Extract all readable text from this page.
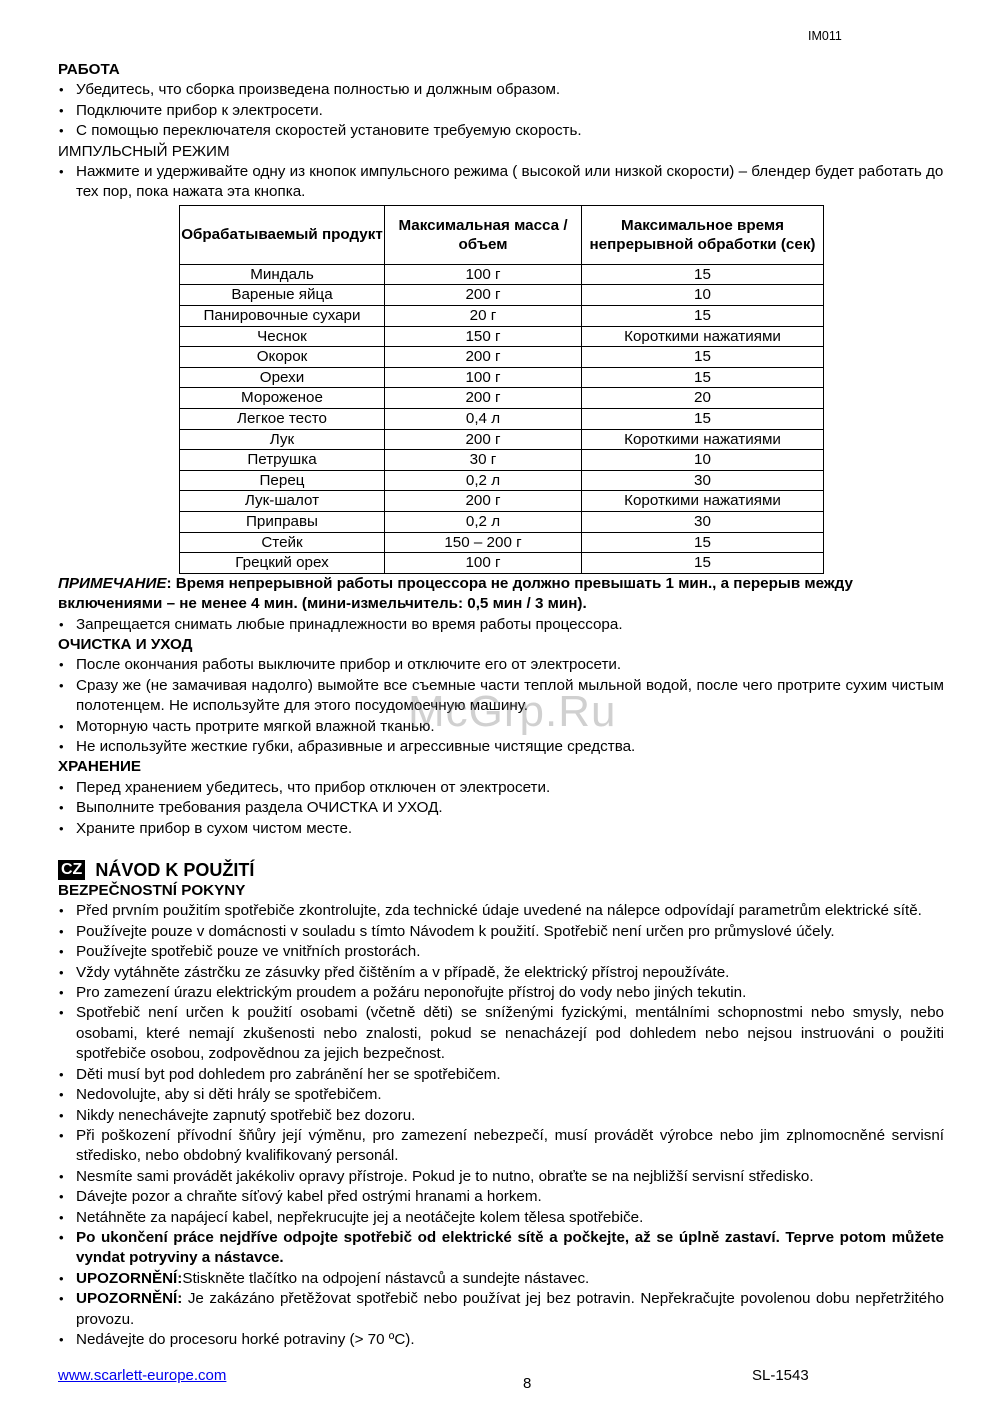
IM011

РАБОТА

• Убедитесь, что сборка произведена полностью и должным образом.
• Подключите прибор к электросети.
• С помощью переключателя скоростей установите требуемую скорость.

ИМПУЛЬСНЫЙ РЕЖИМ

• Нажмите и удерживайте одну из кнопок импульсного режима ( высокой или низкой скорости) – блендер будет работать до тех пор, пока нажата эта кнопка.
Обрабатываемый продукт	Максимальная масса / объем	Максимальное время непрерывной обработки (сек)
Миндаль	100 г	15
Вареные яйца	200 г	10
Панировочные сухари	20 г	15
Чеснок	150 г	Короткими нажатиями
Окорок	200 г	15
Орехи	100 г	15
Мороженое	200 г	20
Легкое тесто	0,4 л	15
Лук	200 г	Короткими нажатиями
Петрушка	30 г	10
Перец	0,2 л	30
Лук-шалот	200 г	Короткими нажатиями
Приправы	0,2 л	30
Стейк	150 – 200 г	15
Грецкий орех	100 г	15

ПРИМЕЧАНИЕ: Время непрерывной работы процессора не должно превышать 1 мин., а перерыв между включениями – не менее 4 мин. (мини-измельчитель: 0,5 мин / 3 мин).

• Запрещается снимать любые принадлежности во время работы процессора.

ОЧИСТКА И УХОД

• После окончания работы выключите прибор и отключите его от электросети.
• Сразу же (не замачивая надолго) вымойте все съемные части теплой мыльной водой, после чего протрите сухим чистым полотенцем. Не используйте для этого посудомоечную машину.
• Моторную часть протрите мягкой влажной тканью.
• Не используйте жесткие губки, абразивные и агрессивные чистящие средства.

ХРАНЕНИЕ

• Перед хранением убедитесь, что прибор отключен от электросети.
• Выполните требования раздела ОЧИСТКА И УХОД.
• Храните прибор в сухом чистом месте.
CZ NÁVOD K POUŽITÍ

BEZPEČNOSTNÍ POKYNY

• Před prvním použitím spotřebiče zkontrolujte, zda technické údaje uvedené na nálepce odpovídají parametrům elektrické sítě.
• Používejte pouze v domácnosti v souladu s tímto Návodem k použití. Spotřebič není určen pro průmyslové účely.
• Používejte spotřebič pouze ve vnitřních prostorách.
• Vždy vytáhněte zástrčku ze zásuvky před čištěním a v případě, že elektrický přístroj nepoužíváte.
• Pro zamezení úrazu elektrickým proudem a požáru neponořujte přístroj do vody nebo jiných tekutin.
• Spotřebič není určen k použití osobami (včetně děti) se sníženými fyzickými, mentálními schopnostmi nebo smysly, nebo osobami, které nemají zkušenosti nebo znalosti, pokud se nenacházejí pod dohledem nebo nejsou instruováni o použiti spotřebiče osobou, zodpovědnou za jejich bezpečnost.
• Děti musí byt pod dohledem pro zabránění her se spotřebičem.
• Nedovolujte, aby si děti hrály se spotřebičem.
• Nikdy nenechávejte zapnutý spotřebič bez dozoru.
• Při poškození přívodní šňůry její výměnu, pro zamezení nebezpečí, musí provádět výrobce nebo jim zplnomocněné servisní středisko, nebo obdobný kvalifikovaný personál.
• Nesmíte sami provádět jakékoliv opravy přístroje. Pokud je to nutno, obraťte se na nejbližší servisní středisko.
• Dávejte pozor a chraňte síťový kabel před ostrými hranami a horkem.
• Netáhněte za napájecí kabel, nepřekrucujte jej a neotáčejte kolem tělesa spotřebiče.
• Po ukončení práce nejdříve odpojte spotřebič od elektrické sítě a počkejte, až se úplně zastaví. Teprve potom můžete vyndat potryviny a nástavce.
• UPOZORNĚNÍ:Stiskněte tlačítko na odpojení nástavců a sundejte nástavec.
• UPOZORNĚNÍ: Je zakázáno přetěžovat spotřebič nebo používat jej bez potravin. Nepřekračujte povolenou dobu nepřetržitého provozu.
• Nedávejte do procesoru horké potraviny (> 70 ºC).
McGrp.Ru
www.scarlett-europe.com	8	SL-1543
